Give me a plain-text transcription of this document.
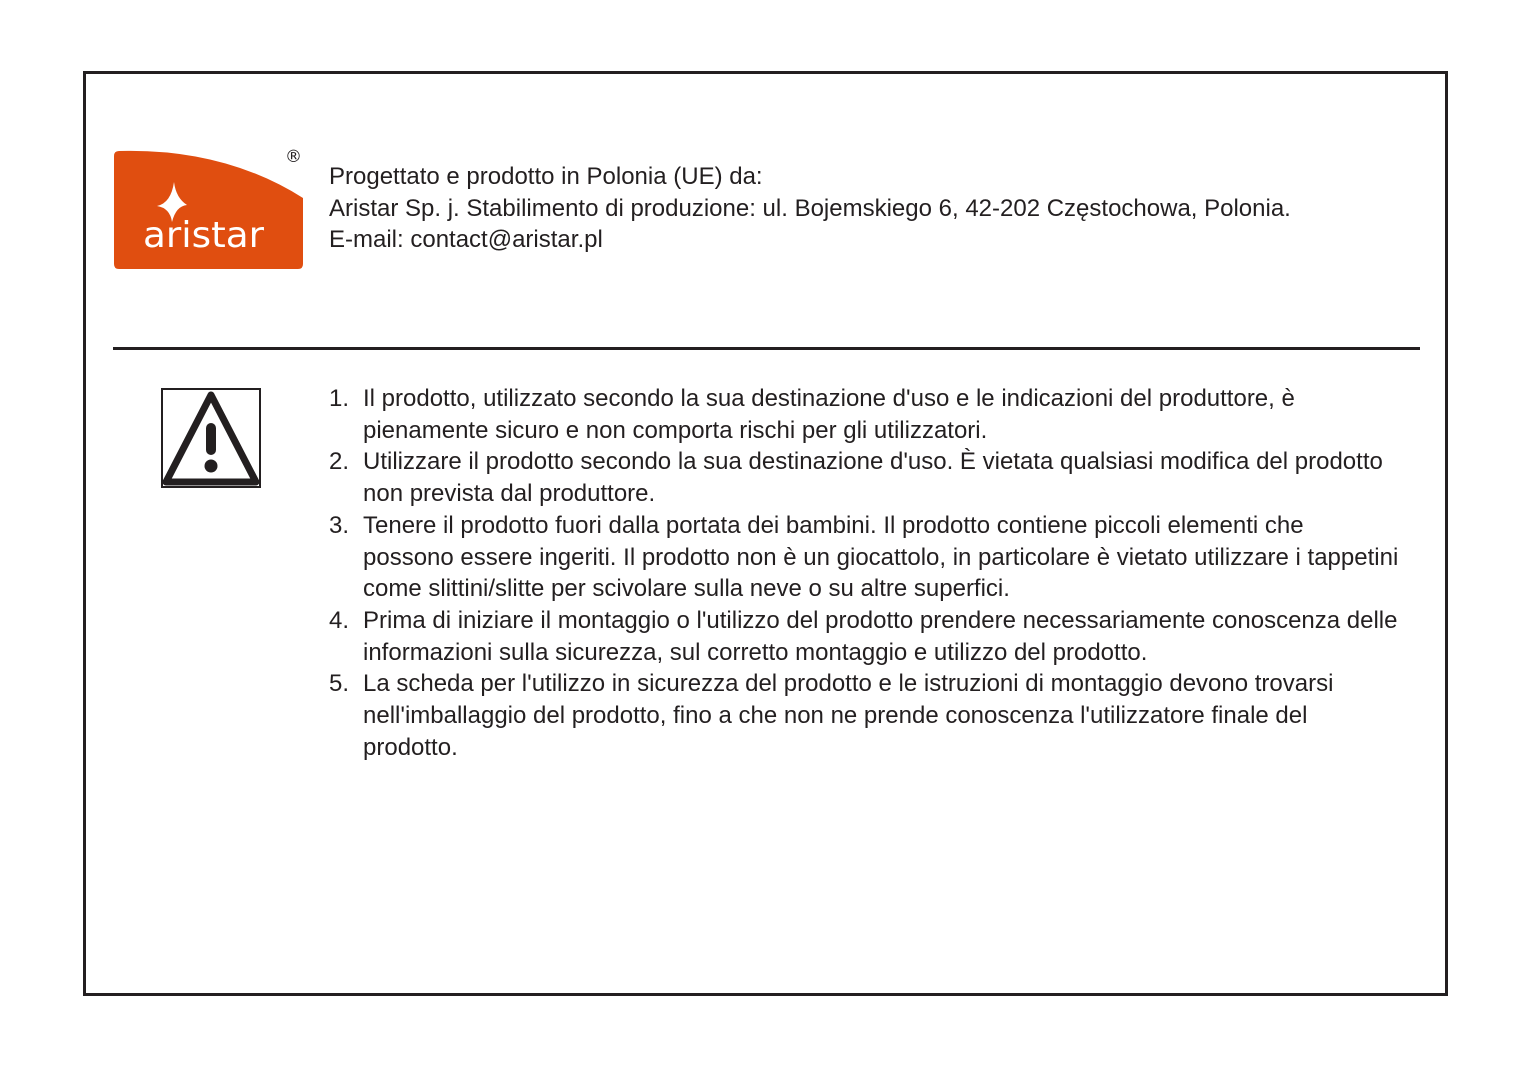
aristar
®
Progettato e prodotto in Polonia (UE) da:
Aristar Sp. j. Stabilimento di produzione: ul. Bojemskiego 6, 42-202 Częstochowa, Polonia.
E-mail: contact@aristar.pl
1. Il prodotto, utilizzato secondo la sua destinazione d'uso e le indicazioni del produttore, è pienamente sicuro e non comporta rischi per gli utilizzatori.
2. Utilizzare il prodotto secondo la sua destinazione d'uso. È vietata qualsiasi modifica del prodotto non prevista dal produttore.
3. Tenere il prodotto fuori dalla portata dei bambini. Il prodotto contiene piccoli elementi che possono essere ingeriti. Il prodotto non è un giocattolo, in particolare è vietato utilizzare i tappetini come slittini/slitte per scivolare sulla neve o su altre superfici.
4. Prima di iniziare il montaggio o l'utilizzo del prodotto prendere necessariamente conoscenza delle informazioni sulla sicurezza, sul corretto montaggio e utilizzo del prodotto.
5. La scheda per l'utilizzo in sicurezza del prodotto e le istruzioni di montaggio devono trovarsi nell'imballaggio del prodotto, fino a che non ne prende conoscenza l'utilizzatore finale del prodotto.
